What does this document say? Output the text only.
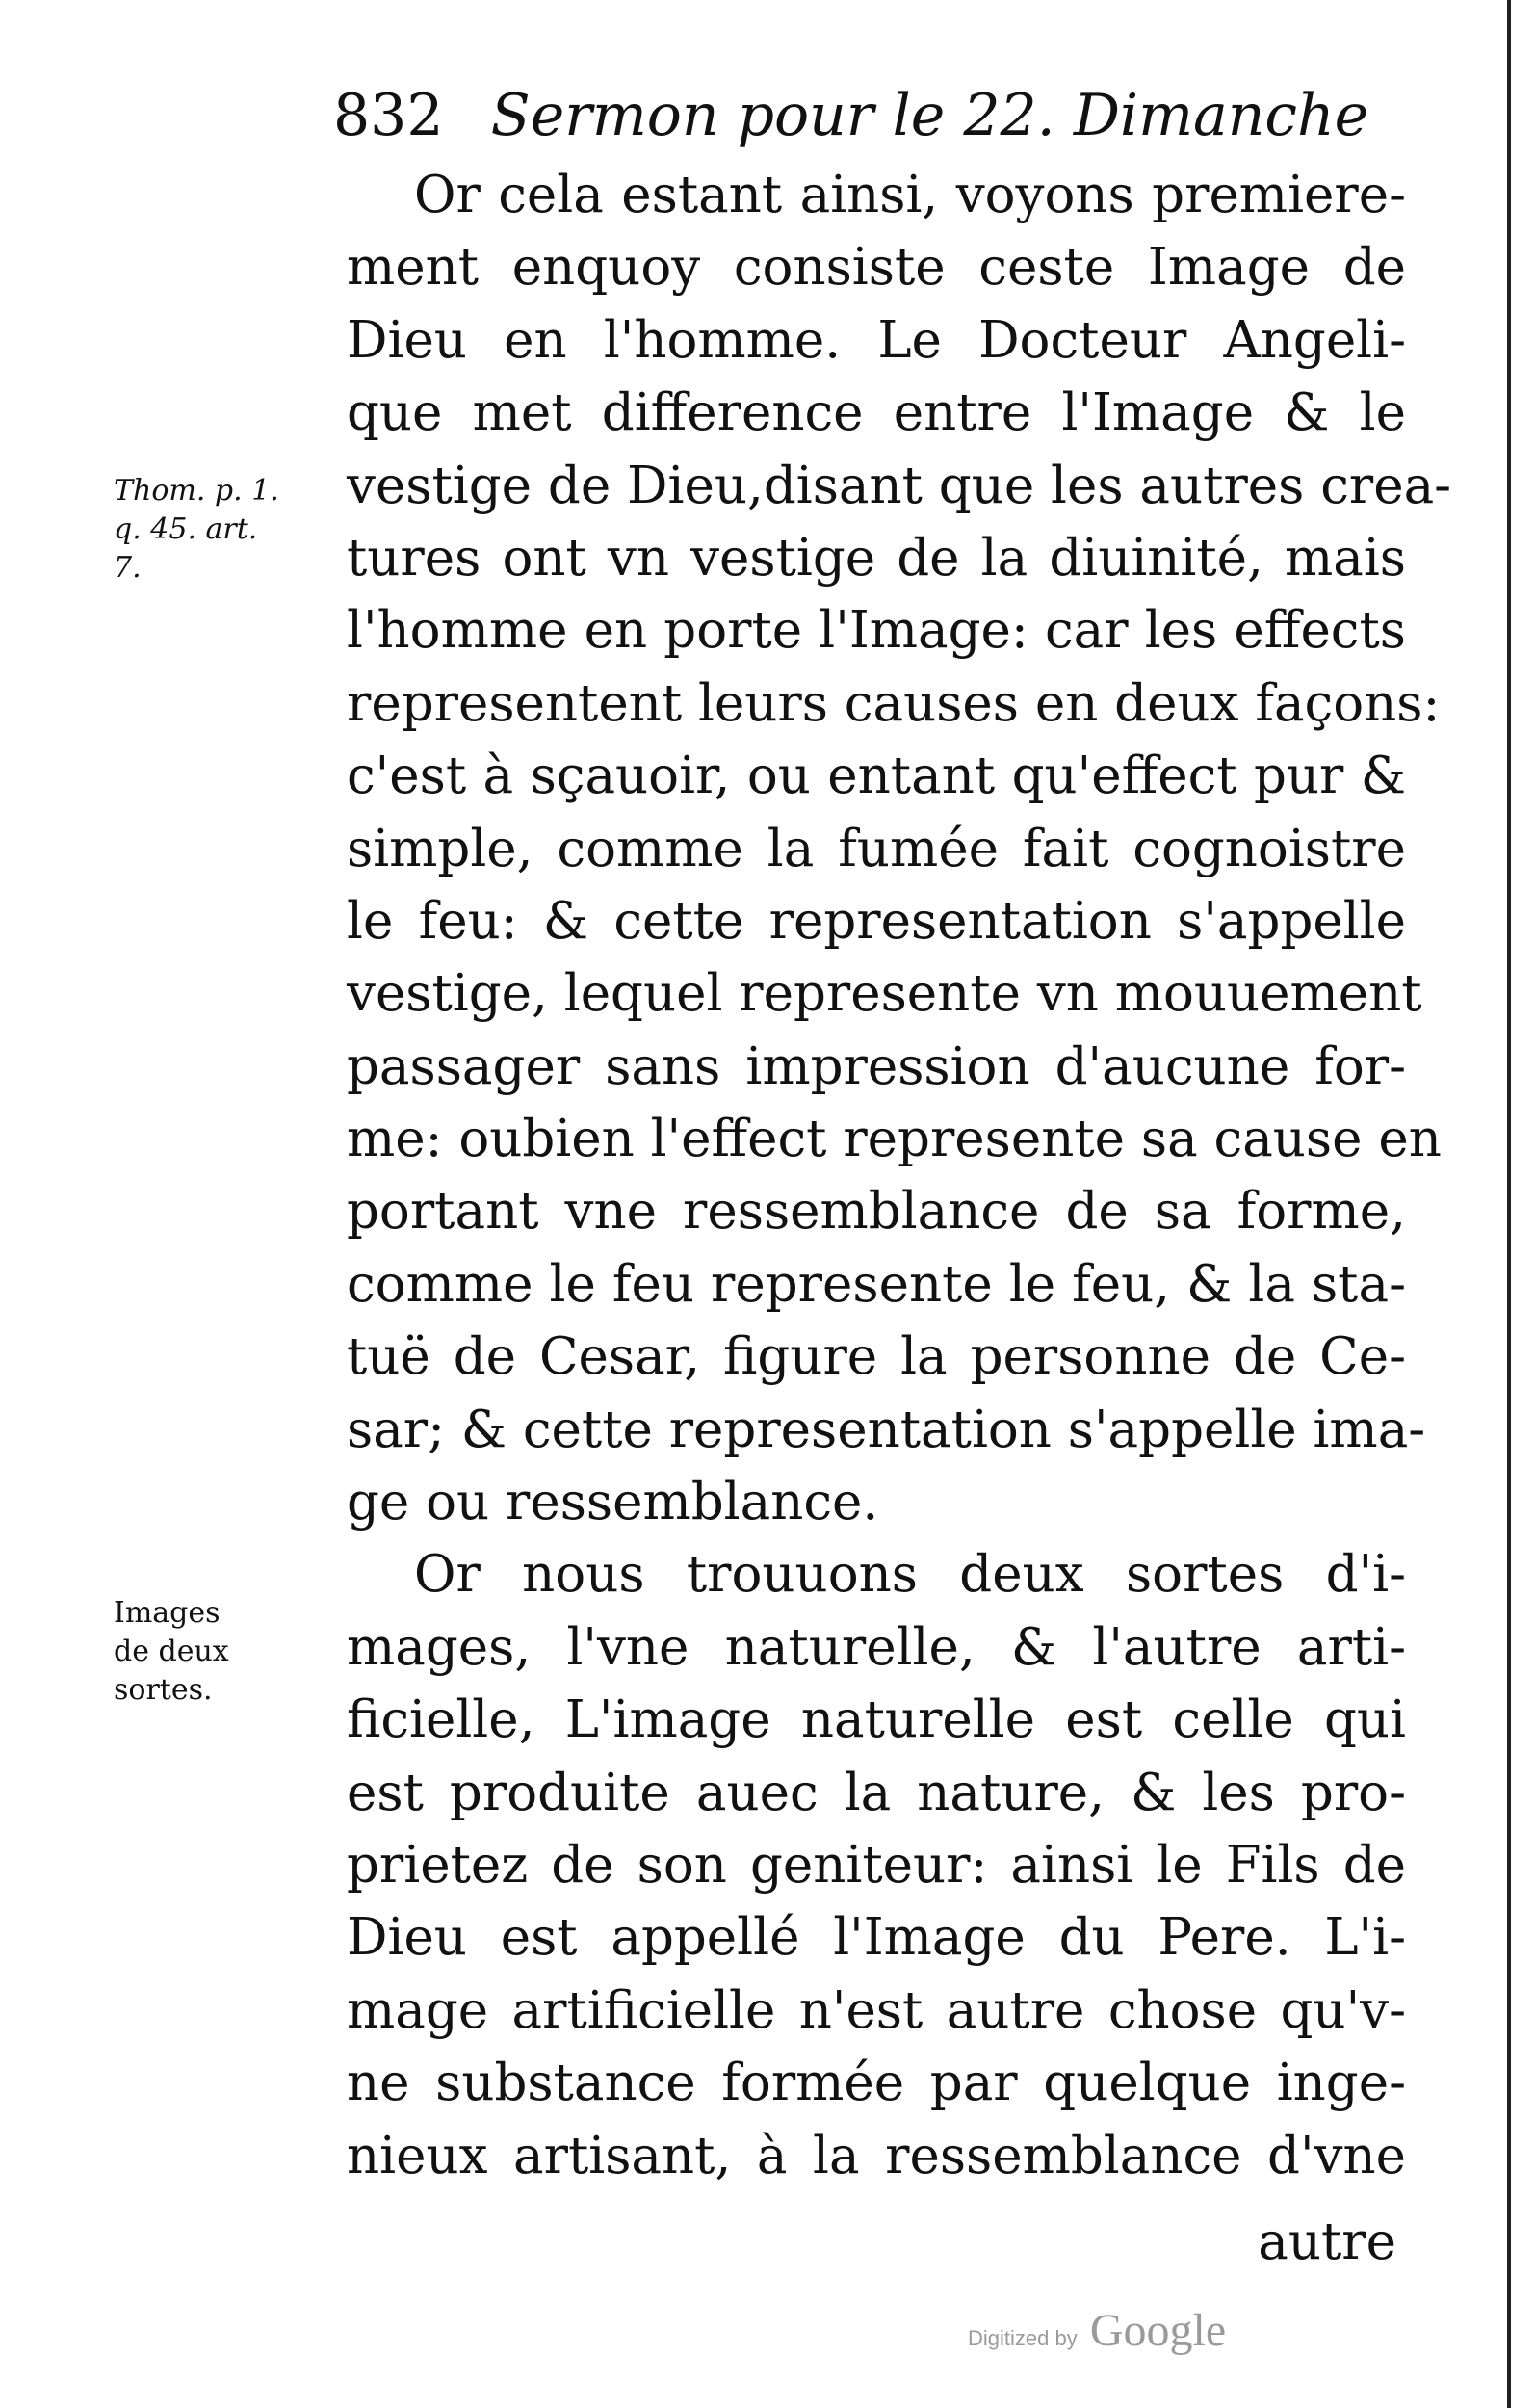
832 Sermon pour le 22. Dimanche
Thom. p. 1.
q. 45. art.
7.
Images
de deux
sortes.
Or cela estant ainsi, voyons premiere-
ment enquoy consiste ceste Image de
Dieu en l'homme. Le Docteur Angeli-
que met difference entre l'Image & le
vestige de Dieu,disant que les autres crea-
tures ont vn vestige de la diuinité, mais
l'homme en porte l'Image: car les effects
representent leurs causes en deux façons:
c'est à sçauoir, ou entant qu'effect pur &
simple, comme la fumée fait cognoistre
le feu: & cette representation s'appelle
vestige, lequel represente vn mouuement
passager sans impression d'aucune for-
me: oubien l'effect represente sa cause en
portant vne ressemblance de sa forme,
comme le feu represente le feu, & la sta-
tuë de Cesar, figure la personne de Ce-
sar; & cette representation s'appelle ima-
ge ou ressemblance.
Or nous trouuons deux sortes d'i-
mages, l'vne naturelle, & l'autre arti-
ficielle, L'image naturelle est celle qui
est produite auec la nature, & les pro-
prietez de son geniteur: ainsi le Fils de
Dieu est appellé l'Image du Pere. L'i-
mage artificielle n'est autre chose qu'v-
ne substance formée par quelque inge-
nieux artisant, à la ressemblance d'vne
autre
Digitized by Google
